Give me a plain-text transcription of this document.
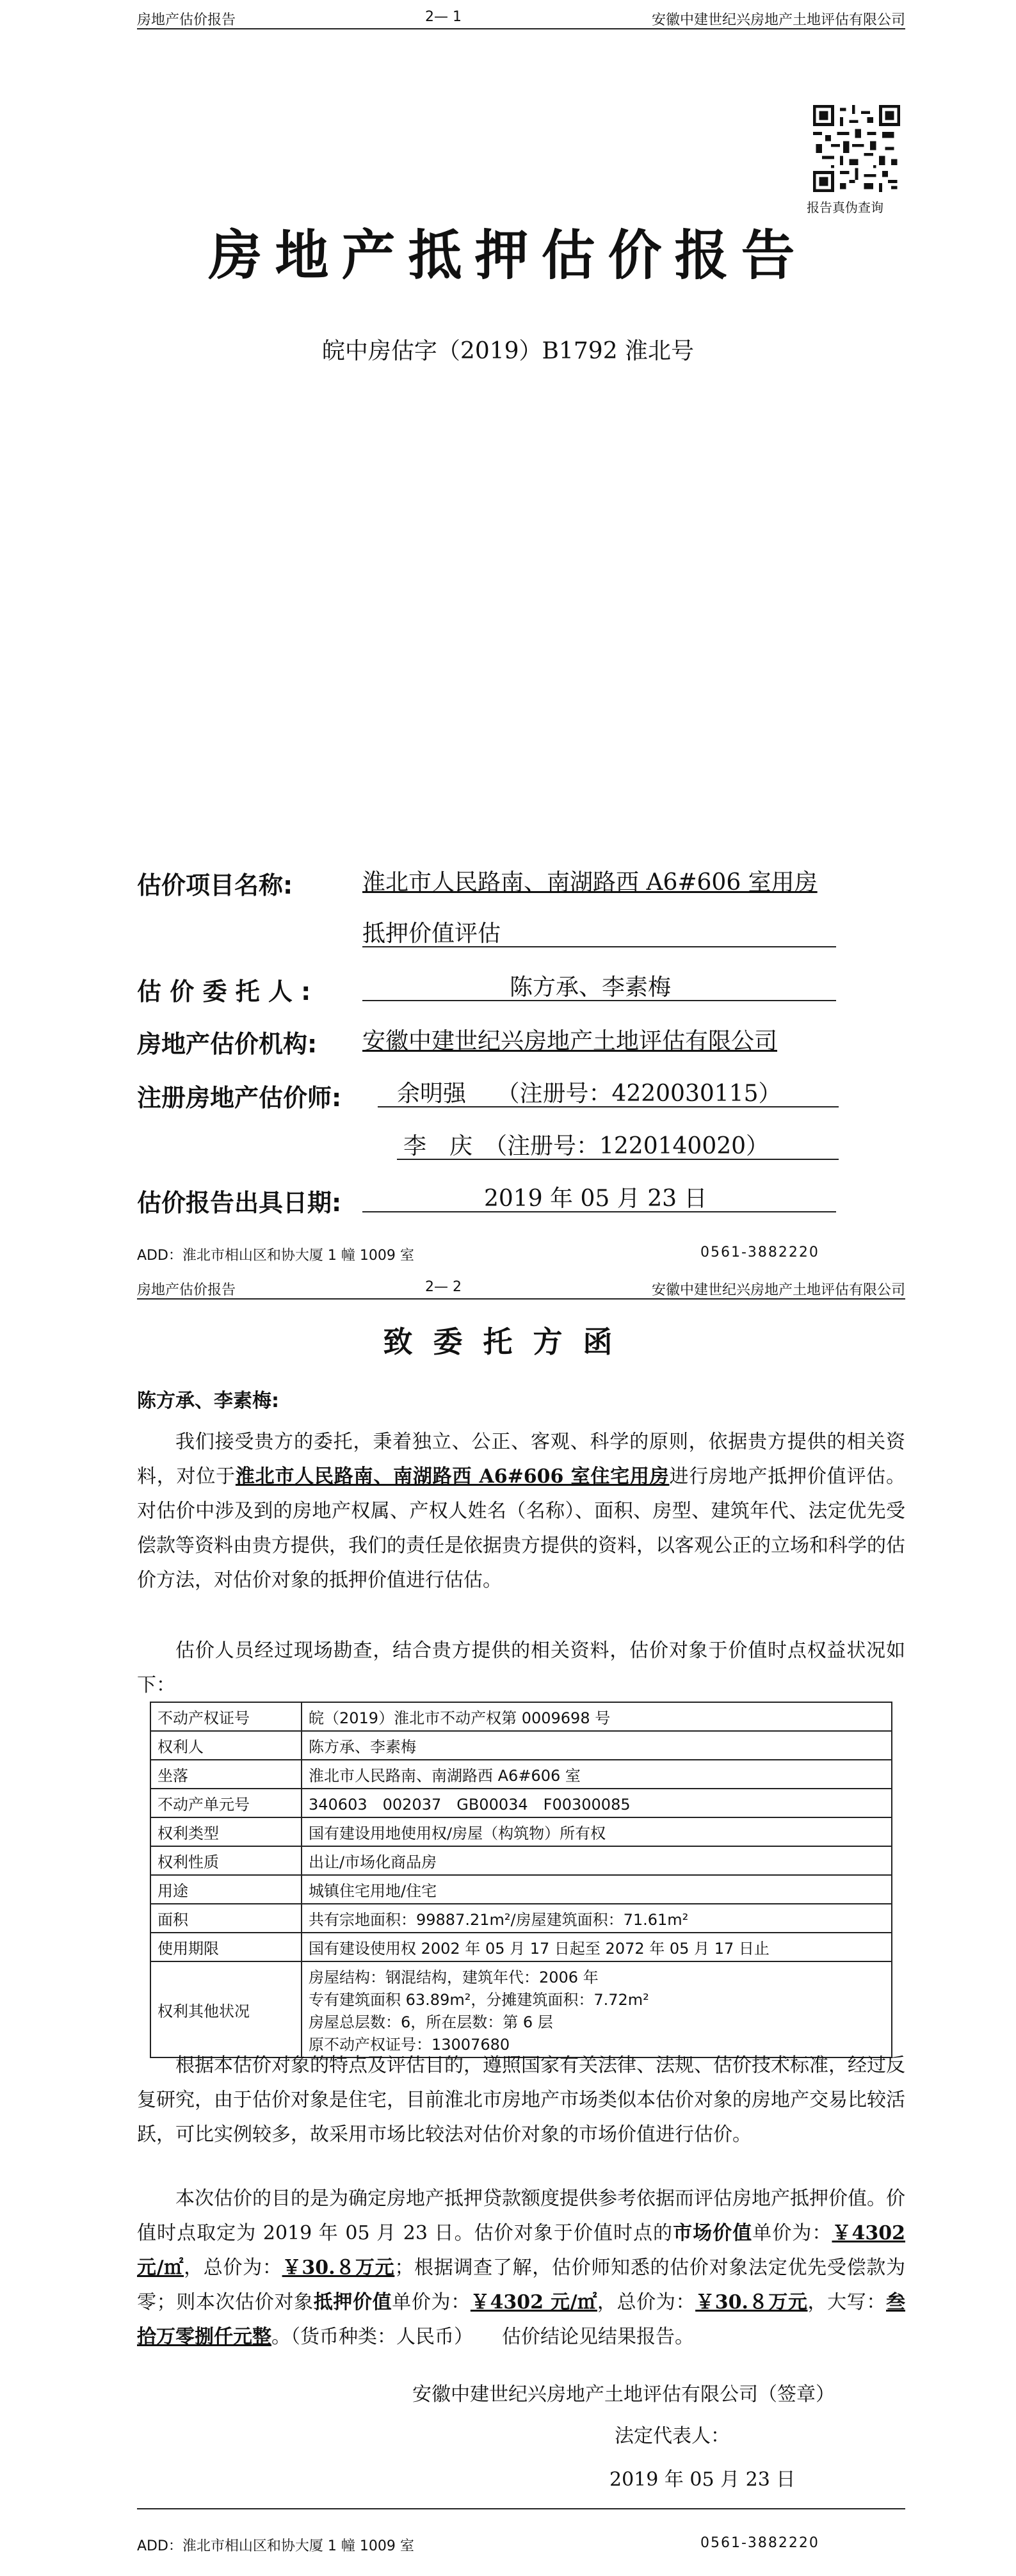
房地产估价报告	2— 1	安徽中建世纪兴房地产土地评估有限公司
报告真伪查询
房地产抵押估价报告
皖中房估字（2019）B1792 淮北号
估价项目名称:	淮北市人民路南、南湖路西 A6#606 室用房
抵押价值评估
估 价 委 托 人 :	陈方承、李素梅
房地产估价机构: 安徽中建世纪兴房地产土地评估有限公司
注册房地产估价师: 余明强　 （注册号：4220030115）
李　庆　（注册号：1220140020）
估价报告出具日期:	2019 年 05 月 23 日
ADD：淮北市相山区和协大厦 1 幢 1009 室	0561-3882220
房地产估价报告	2— 2	安徽中建世纪兴房地产土地评估有限公司
致委托方函
陈方承、李素梅:
我们接受贵方的委托，秉着独立、公正、客观、科学的原则，依据贵方提供的相关资料，对位于淮北市人民路南、南湖路西 A6#606 室住宅用房进行房地产抵押价值评估。对估价中涉及到的房地产权属、产权人姓名（名称）、面积、房型、建筑年代、法定优先受偿款等资料由贵方提供，我们的责任是依据贵方提供的资料，以客观公正的立场和科学的估价方法，对估价对象的抵押价值进行估估。
估价人员经过现场勘查，结合贵方提供的相关资料，估价对象于价值时点权益状况如下：
不动产权证号	皖（2019）淮北市不动产权第 0009698 号
权利人	陈方承、李素梅
坐落	淮北市人民路南、南湖路西 A6#606 室
不动产单元号	340603　002037　GB00034　F00300085
权利类型	国有建设用地使用权/房屋（构筑物）所有权
权利性质	出让/市场化商品房
用途	城镇住宅用地/住宅
面积	共有宗地面积：99887.21m²/房屋建筑面积：71.61m²
使用期限	国有建设使用权 2002 年 05 月 17 日起至 2072 年 05 月 17 日止
权利其他状况	房屋结构：钢混结构，建筑年代：2006 年
专有建筑面积 63.89m²，分摊建筑面积：7.72m²
房屋总层数：6，所在层数：第 6 层
原不动产权证号：13007680
根据本估价对象的特点及评估目的，遵照国家有关法律、法规、估价技术标准，经过反复研究，由于估价对象是住宅，目前淮北市房地产市场类似本估价对象的房地产交易比较活跃，可比实例较多，故采用市场比较法对估价对象的市场价值进行估价。
本次估价的目的是为确定房地产抵押贷款额度提供参考依据而评估房地产抵押价值。价值时点取定为 2019 年 05 月 23 日。估价对象于价值时点的市场价值单价为：￥4302 元/㎡，总价为：￥30.８万元；根据调查了解，估价师知悉的估价对象法定优先受偿款为零；则本次估价对象抵押价值单价为：￥4302 元/㎡，总价为：￥30.８万元，大写：叁拾万零捌仟元整。（货币种类：人民币）　　估价结论见结果报告。
安徽中建世纪兴房地产土地评估有限公司（签章）
法定代表人：
2019 年 05 月 23 日
ADD：淮北市相山区和协大厦 1 幢 1009 室	0561-3882220
